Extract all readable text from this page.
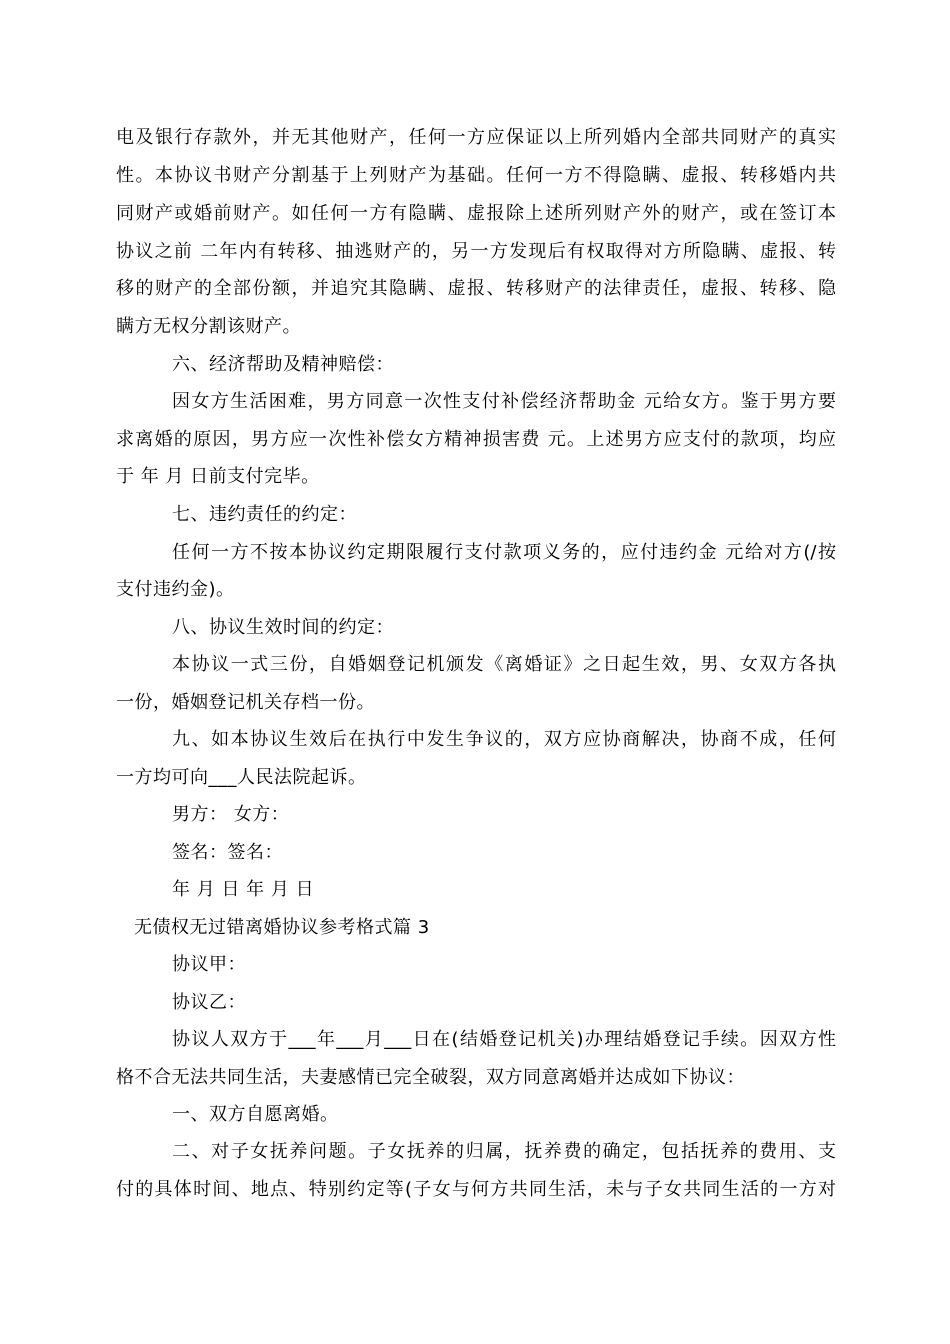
电及银行存款外，并无其他财产，任何一方应保证以上所列婚内全部共同财产的真实
性。本协议书财产分割基于上列财产为基础。任何一方不得隐瞒、虚报、转移婚内共
同财产或婚前财产。如任何一方有隐瞒、虚报除上述所列财产外的财产，或在签订本
协议之前 二年内有转移、抽逃财产的，另一方发现后有权取得对方所隐瞒、虚报、转
移的财产的全部份额，并追究其隐瞒、虚报、转移财产的法律责任，虚报、转移、隐
瞒方无权分割该财产。
六、经济帮助及精神赔偿：
因女方生活困难，男方同意一次性支付补偿经济帮助金 元给女方。鉴于男方要
求离婚的原因，男方应一次性补偿女方精神损害费 元。上述男方应支付的款项，均应
于 年 月 日前支付完毕。
七、违约责任的约定：
任何一方不按本协议约定期限履行支付款项义务的，应付违约金 元给对方(/按
支付违约金)。
八、协议生效时间的约定：
本协议一式三份，自婚姻登记机颁发《离婚证》之日起生效，男、女双方各执
一份，婚姻登记机关存档一份。
九、如本协议生效后在执行中发生争议的，双方应协商解决，协商不成，任何
一方均可向___人民法院起诉。
男方： 女方：
签名：签名：
年 月 日 年 月 日
无债权无过错离婚协议参考格式篇 3
协议甲：
协议乙：
协议人双方于___年___月___日在(结婚登记机关)办理结婚登记手续。因双方性
格不合无法共同生活，夫妻感情已完全破裂，双方同意离婚并达成如下协议：
一、双方自愿离婚。
二、对子女抚养问题。子女抚养的归属，抚养费的确定，包括抚养的费用、支
付的具体时间、地点、特别约定等(子女与何方共同生活，未与子女共同生活的一方对
